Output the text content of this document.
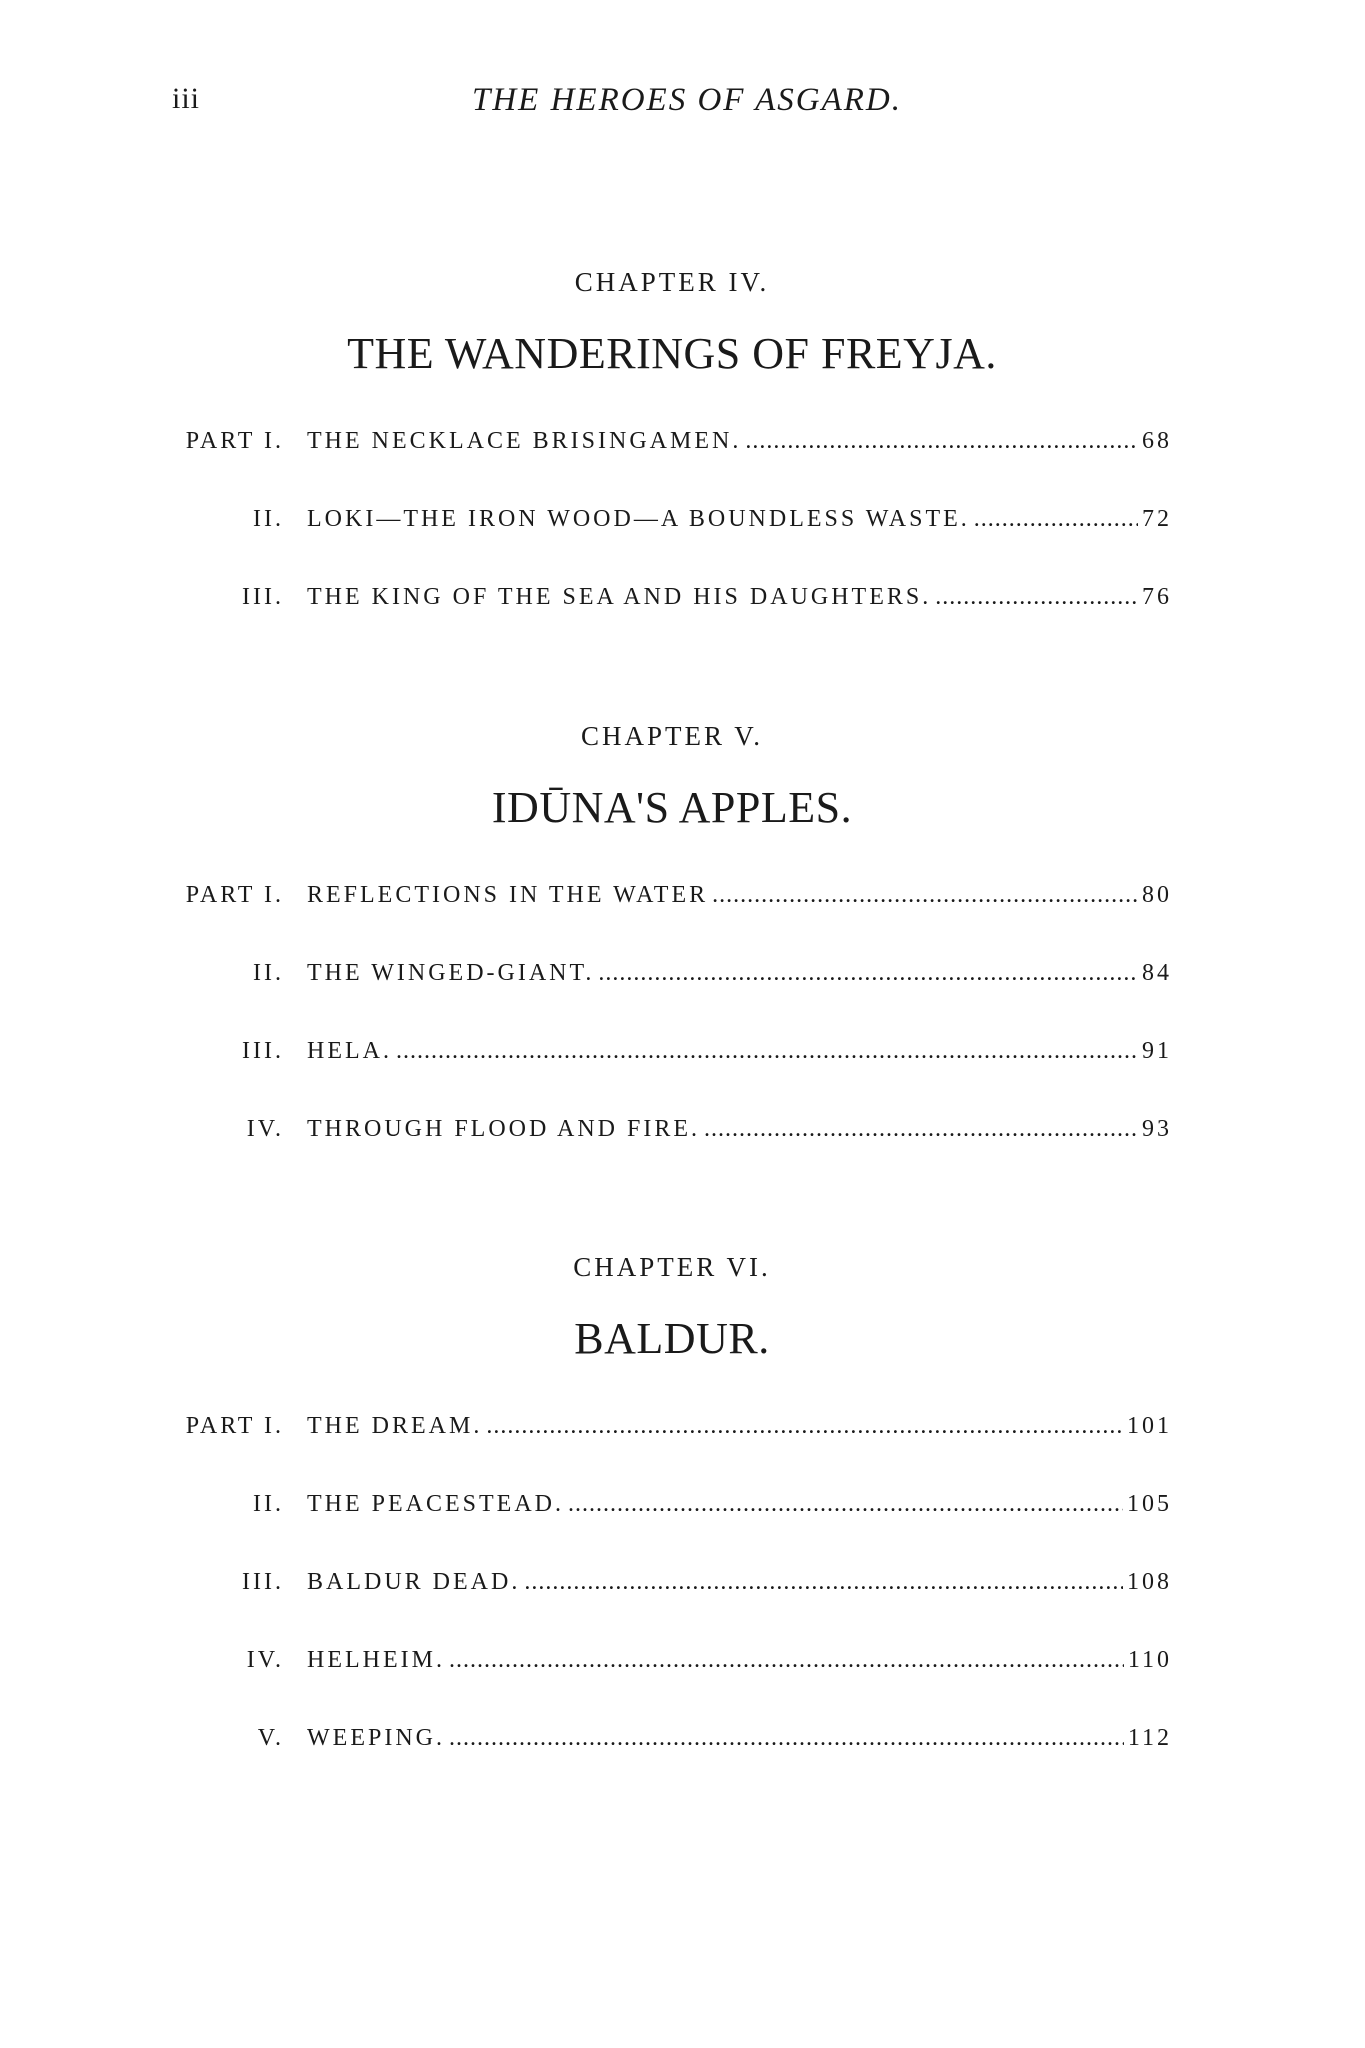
iii	THE HEROES OF ASGARD.
CHAPTER IV.
THE WANDERINGS OF FREYJA.
PART I. THE NECKLACE BRISINGAMEN. .....	68
II. LOKI—THE IRON WOOD—A BOUNDLESS WASTE. .....	72
III. THE KING OF THE SEA AND HIS DAUGHTERS. .....	76
CHAPTER V.
IDŪNA'S APPLES.
PART I. REFLECTIONS IN THE WATER .....	80
II. THE WINGED-GIANT. .....	84
III. HELA. .....	91
IV. THROUGH FLOOD AND FIRE. .....	93
CHAPTER VI.
BALDUR.
PART I. THE DREAM. .....	101
II. THE PEACESTEAD. .....	105
III. BALDUR DEAD. .....	108
IV. HELHEIM. .....	110
V. WEEPING. .....	112
